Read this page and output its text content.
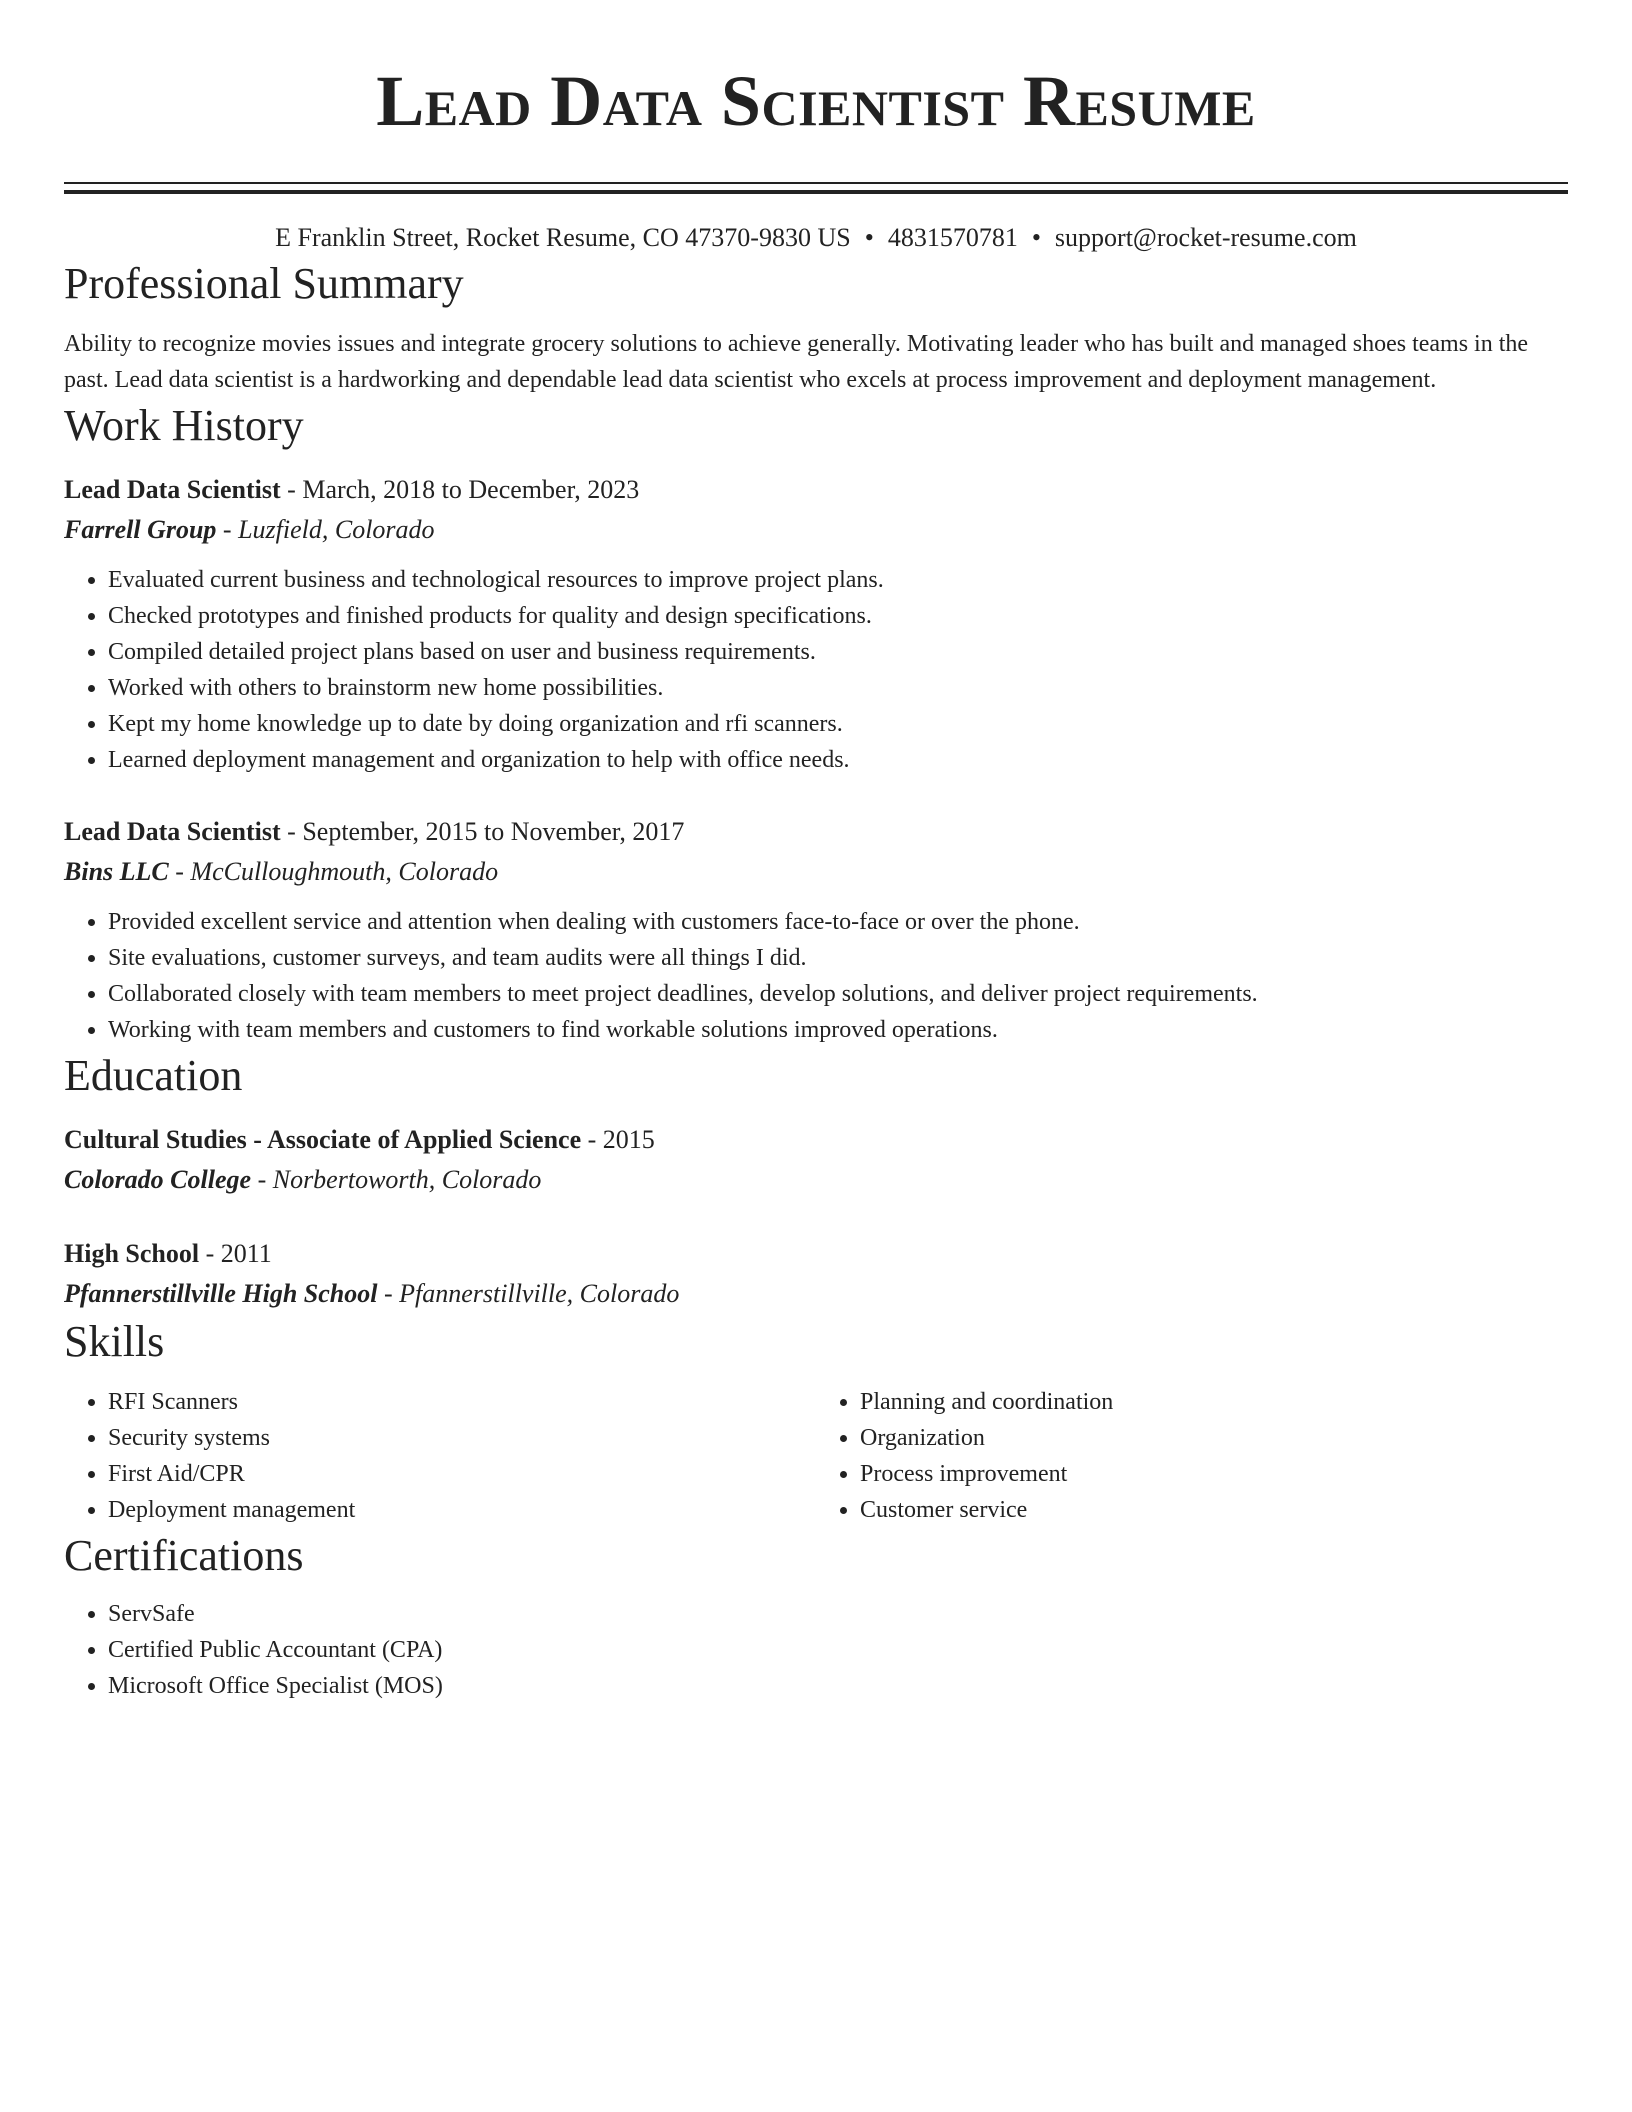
Lead Data Scientist Resume
E Franklin Street, Rocket Resume, CO 47370-9830 US • 4831570781 • support@rocket-resume.com
Professional Summary
Ability to recognize movies issues and integrate grocery solutions to achieve generally. Motivating leader who has built and managed shoes teams in the past. Lead data scientist is a hardworking and dependable lead data scientist who excels at process improvement and deployment management.
Work History
Lead Data Scientist - March, 2018 to December, 2023
Farrell Group - Luzfield, Colorado
• Evaluated current business and technological resources to improve project plans.
• Checked prototypes and finished products for quality and design specifications.
• Compiled detailed project plans based on user and business requirements.
• Worked with others to brainstorm new home possibilities.
• Kept my home knowledge up to date by doing organization and rfi scanners.
• Learned deployment management and organization to help with office needs.
Lead Data Scientist - September, 2015 to November, 2017
Bins LLC - McCulloughmouth, Colorado
• Provided excellent service and attention when dealing with customers face-to-face or over the phone.
• Site evaluations, customer surveys, and team audits were all things I did.
• Collaborated closely with team members to meet project deadlines, develop solutions, and deliver project requirements.
• Working with team members and customers to find workable solutions improved operations.
Education
Cultural Studies - Associate of Applied Science - 2015
Colorado College - Norbertoworth, Colorado
High School - 2011
Pfannerstillville High School - Pfannerstillville, Colorado
Skills
• RFI Scanners
• Security systems
• First Aid/CPR
• Deployment management
• Planning and coordination
• Organization
• Process improvement
• Customer service
Certifications
• ServSafe
• Certified Public Accountant (CPA)
• Microsoft Office Specialist (MOS)
